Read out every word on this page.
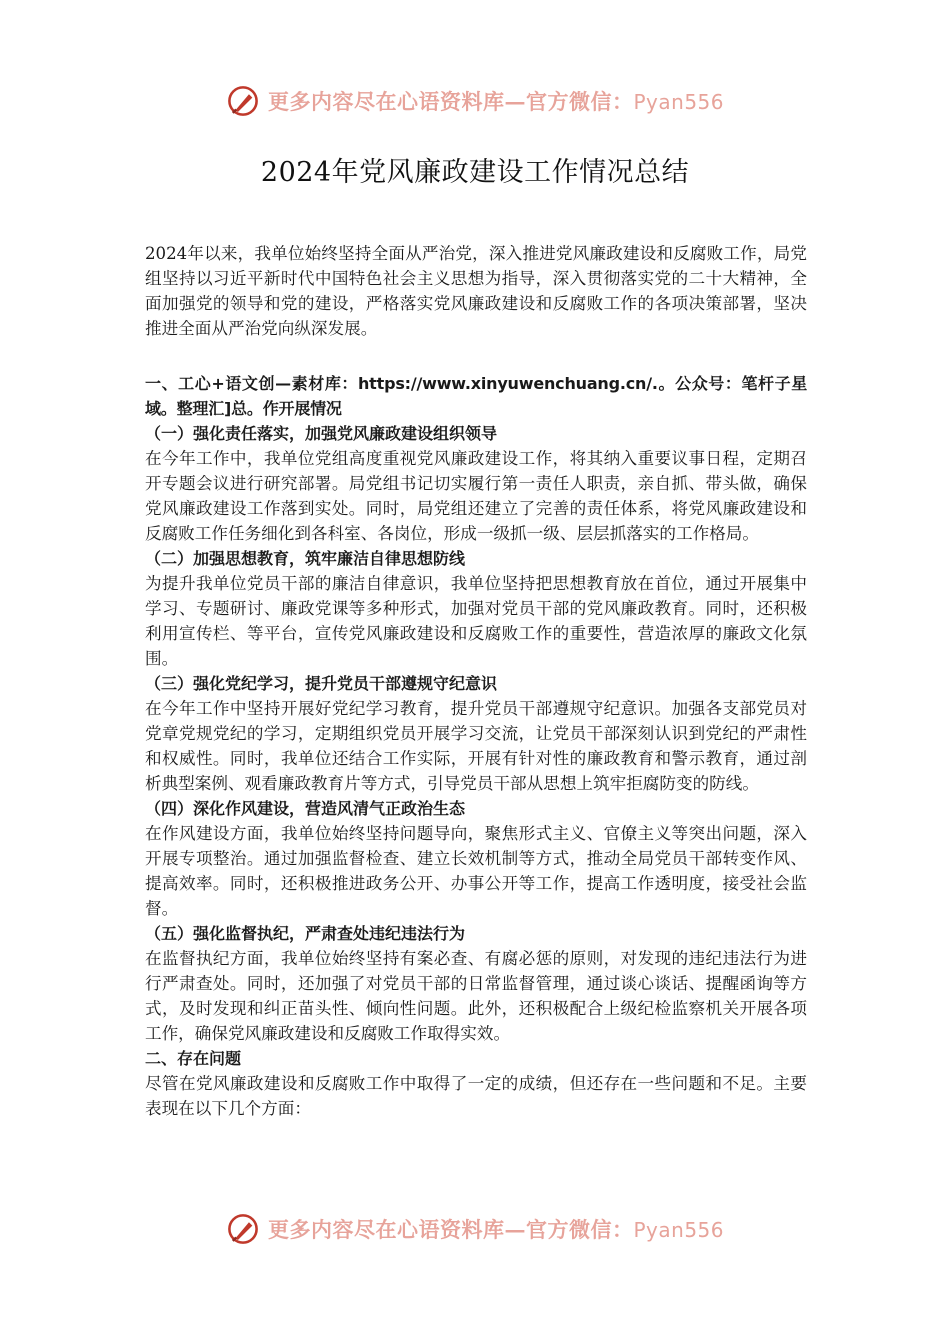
更多内容尽在心语资料库—官方微信：Pyan556
2024年党风廉政建设工作情况总结

2024年以来，我单位始终坚持全面从严治党，深入推进党风廉政建设和反腐败工作，局党组坚持以习近平新时代中国特色社会主义思想为指导，深入贯彻落实党的二十大精神，全面加强党的领导和党的建设，严格落实党风廉政建设和反腐败工作的各项决策部署，坚决推进全面从严治党向纵深发展。

一、工心+语文创—素材库：https://www.xinyuwenchuang.cn/.。公众号：笔杆子星域。整理汇]总。作开展情况

（一）强化责任落实，加强党风廉政建设组织领导

在今年工作中，我单位党组高度重视党风廉政建设工作，将其纳入重要议事日程，定期召开专题会议进行研究部署。局党组书记切实履行第一责任人职责，亲自抓、带头做，确保党风廉政建设工作落到实处。同时，局党组还建立了完善的责任体系，将党风廉政建设和反腐败工作任务细化到各科室、各岗位，形成一级抓一级、层层抓落实的工作格局。

（二）加强思想教育，筑牢廉洁自律思想防线

为提升我单位党员干部的廉洁自律意识，我单位坚持把思想教育放在首位，通过开展集中学习、专题研讨、廉政党课等多种形式，加强对党员干部的党风廉政教育。同时，还积极利用宣传栏、等平台，宣传党风廉政建设和反腐败工作的重要性，营造浓厚的廉政文化氛围。

（三）强化党纪学习，提升党员干部遵规守纪意识

在今年工作中坚持开展好党纪学习教育，提升党员干部遵规守纪意识。加强各支部党员对党章党规党纪的学习，定期组织党员开展学习交流，让党员干部深刻认识到党纪的严肃性和权威性。同时，我单位还结合工作实际，开展有针对性的廉政教育和警示教育，通过剖析典型案例、观看廉政教育片等方式，引导党员干部从思想上筑牢拒腐防变的防线。

（四）深化作风建设，营造风清气正政治生态

在作风建设方面，我单位始终坚持问题导向，聚焦形式主义、官僚主义等突出问题，深入开展专项整治。通过加强监督检查、建立长效机制等方式，推动全局党员干部转变作风、提高效率。同时，还积极推进政务公开、办事公开等工作，提高工作透明度，接受社会监督。

（五）强化监督执纪，严肃查处违纪违法行为

在监督执纪方面，我单位始终坚持有案必查、有腐必惩的原则，对发现的违纪违法行为进行严肃查处。同时，还加强了对党员干部的日常监督管理，通过谈心谈话、提醒函询等方式，及时发现和纠正苗头性、倾向性问题。此外，还积极配合上级纪检监察机关开展各项工作，确保党风廉政建设和反腐败工作取得实效。

二、存在问题

尽管在党风廉政建设和反腐败工作中取得了一定的成绩，但还存在一些问题和不足。主要表现在以下几个方面：

更多内容尽在心语资料库—官方微信：Pyan556
